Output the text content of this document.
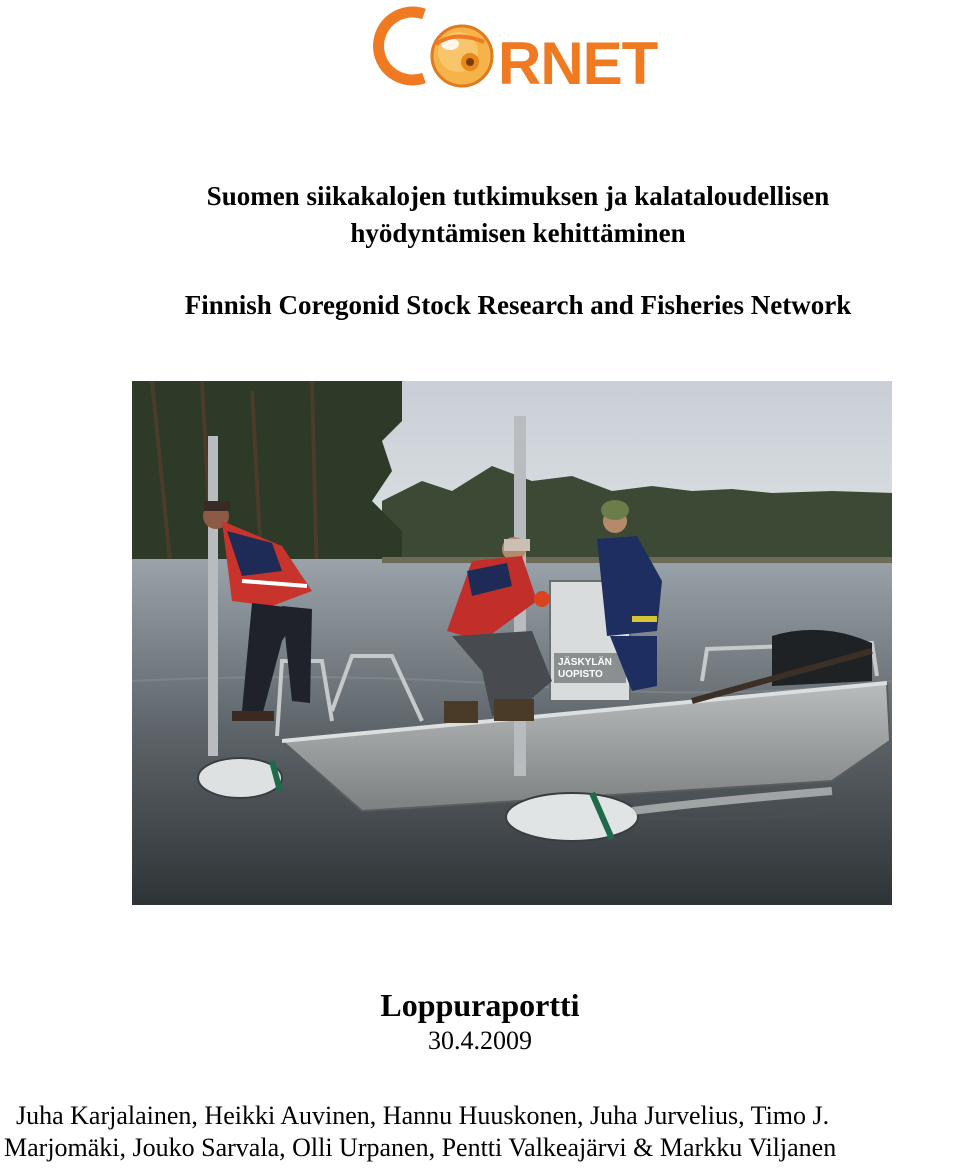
RNET
Suomen siikakalojen tutkimuksen ja kalataloudellisen
hyödyntämisen kehittäminen
Finnish Coregonid Stock Research and Fisheries Network
JÄSKYLÄN
UOPISTO
Loppuraportti
30.4.2009
Juha Karjalainen, Heikki Auvinen, Hannu Huuskonen, Juha Jurvelius, Timo J.
Marjomäki, Jouko Sarvala, Olli Urpanen, Pentti Valkeajärvi & Markku Viljanen
